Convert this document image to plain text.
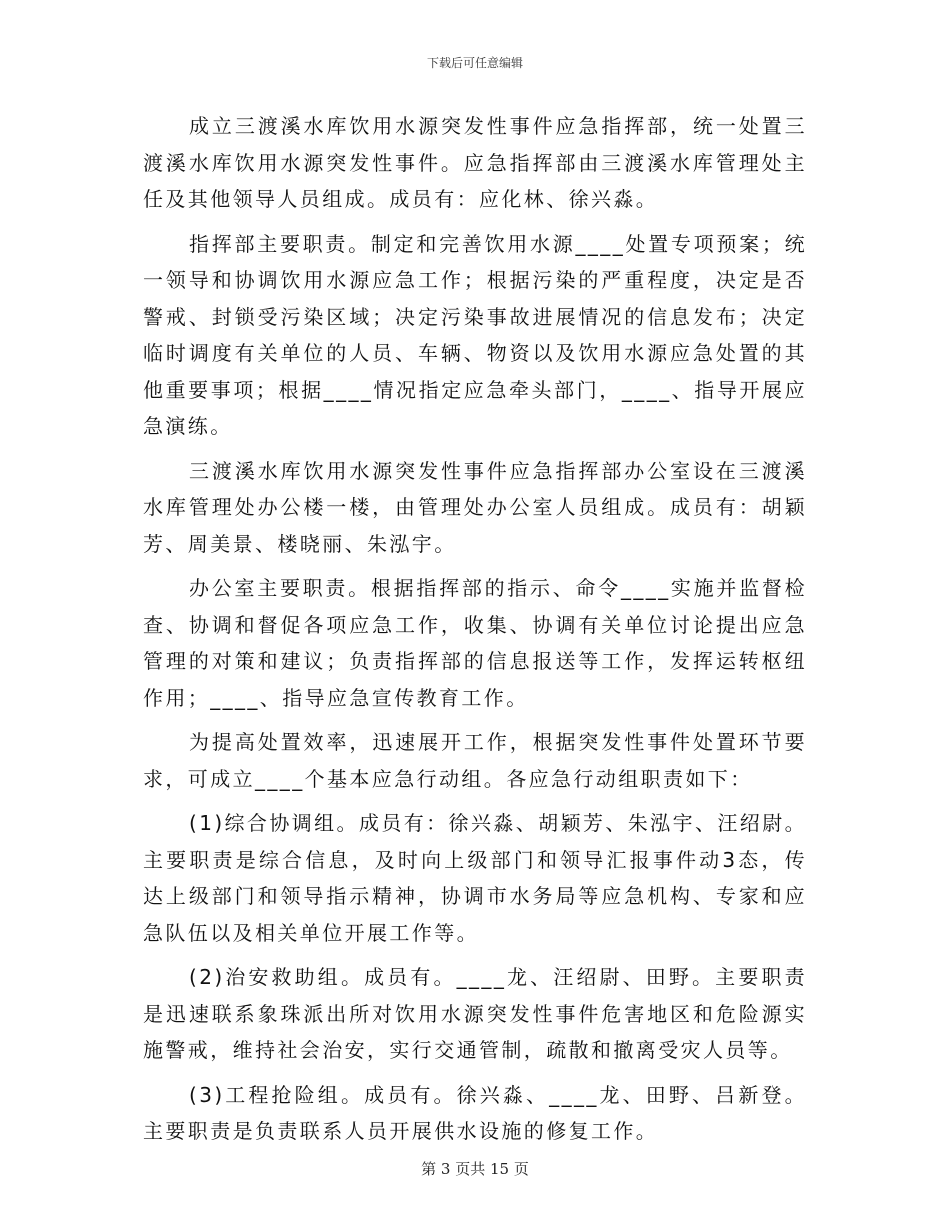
下载后可任意编辑

成立三渡溪水库饮用水源突发性事件应急指挥部，统一处置三渡溪水库饮用水源突发性事件。应急指挥部由三渡溪水库管理处主任及其他领导人员组成。成员有：应化林、徐兴淼。

指挥部主要职责。制定和完善饮用水源____处置专项预案；统一领导和协调饮用水源应急工作；根据污染的严重程度，决定是否警戒、封锁受污染区域；决定污染事故进展情况的信息发布；决定临时调度有关单位的人员、车辆、物资以及饮用水源应急处置的其他重要事项；根据____情况指定应急牵头部门，____、指导开展应急演练。

三渡溪水库饮用水源突发性事件应急指挥部办公室设在三渡溪水库管理处办公楼一楼，由管理处办公室人员组成。成员有：胡颖芳、周美景、楼晓丽、朱泓宇。

办公室主要职责。根据指挥部的指示、命令____实施并监督检查、协调和督促各项应急工作，收集、协调有关单位讨论提出应急管理的对策和建议；负责指挥部的信息报送等工作，发挥运转枢纽作用；____、指导应急宣传教育工作。

为提高处置效率，迅速展开工作，根据突发性事件处置环节要求，可成立____个基本应急行动组。各应急行动组职责如下：

(1)综合协调组。成员有：徐兴淼、胡颖芳、朱泓宇、汪绍尉。主要职责是综合信息，及时向上级部门和领导汇报事件动3态，传达上级部门和领导指示精神，协调市水务局等应急机构、专家和应急队伍以及相关单位开展工作等。

(2)治安救助组。成员有。____龙、汪绍尉、田野。主要职责是迅速联系象珠派出所对饮用水源突发性事件危害地区和危险源实施警戒，维持社会治安，实行交通管制，疏散和撤离受灾人员等。

(3)工程抢险组。成员有。徐兴淼、____龙、田野、吕新登。主要职责是负责联系人员开展供水设施的修复工作。

第 3 页共 15 页
